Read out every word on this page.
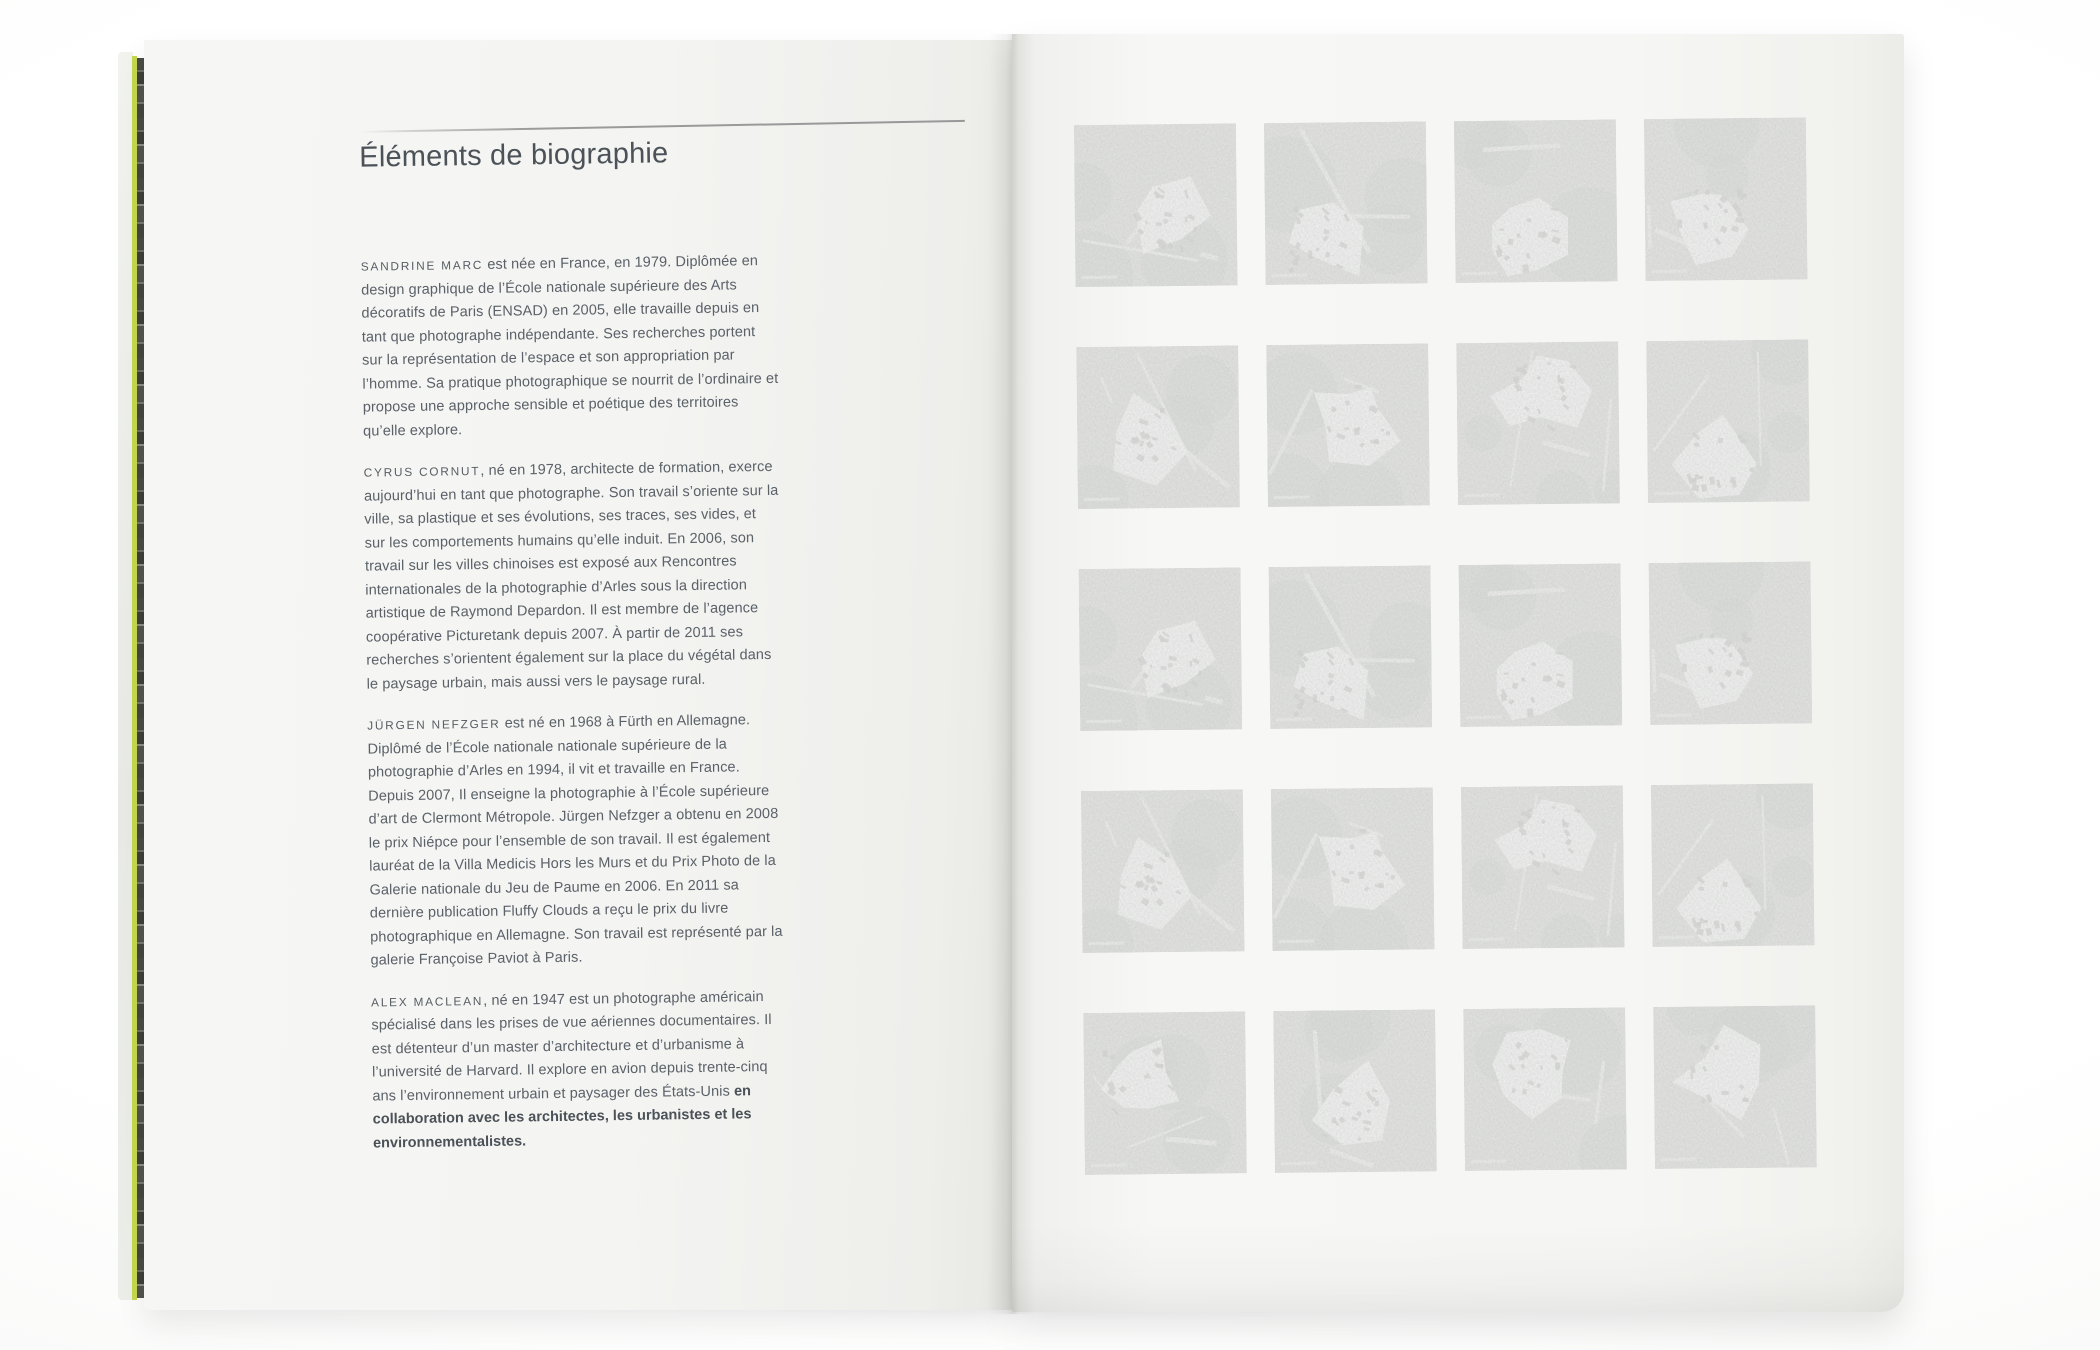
Éléments de biographie

SANDRINE MARC est née en France, en 1979. Diplômée en design graphique de l’École nationale supérieure des Arts décoratifs de Paris (ENSAD) en 2005, elle travaille depuis en tant que photographe indépendante. Ses recherches portent sur la représentation de l’espace et son appropriation par l’homme. Sa pratique photographique se nourrit de l’ordinaire et propose une approche sensible et poétique des territoires qu’elle explore.

CYRUS CORNUT, né en 1978, architecte de formation, exerce aujourd’hui en tant que photographe. Son travail s’oriente sur la ville, sa plastique et ses évolutions, ses traces, ses vides, et sur les comportements humains qu’elle induit. En 2006, son travail sur les villes chinoises est exposé aux Rencontres internationales de la photographie d’Arles sous la direction artistique de Raymond Depardon. Il est membre de l’agence coopérative Picturetank depuis 2007. À partir de 2011 ses recherches s’orientent également sur la place du végétal dans le paysage urbain, mais aussi vers le paysage rural.

JÜRGEN NEFZGER est né en 1968 à Fürth en Allemagne. Diplômé de l’École nationale nationale supérieure de la photographie d’Arles en 1994, il vit et travaille en France. Depuis 2007, Il enseigne la photographie à l’École supérieure d’art de Clermont Métropole. Jürgen Nefzger a obtenu en 2008 le prix Niépce pour l’ensemble de son travail. Il est également lauréat de la Villa Medicis Hors les Murs et du Prix Photo de la Galerie nationale du Jeu de Paume en 2006. En 2011 sa dernière publication Fluffy Clouds a reçu le prix du livre photographique en Allemagne. Son travail est représenté par la galerie Françoise Paviot à Paris.

ALEX MACLEAN, né en 1947 est un photographe américain spécialisé dans les prises de vue aériennes documentaires. Il est détenteur d’un master d’architecture et d’urbanisme à l’université de Harvard. Il explore en avion depuis trente-cinq ans l’environnement urbain et paysager des États-Unis en collaboration avec les architectes, les urbanistes et les environnementalistes.
